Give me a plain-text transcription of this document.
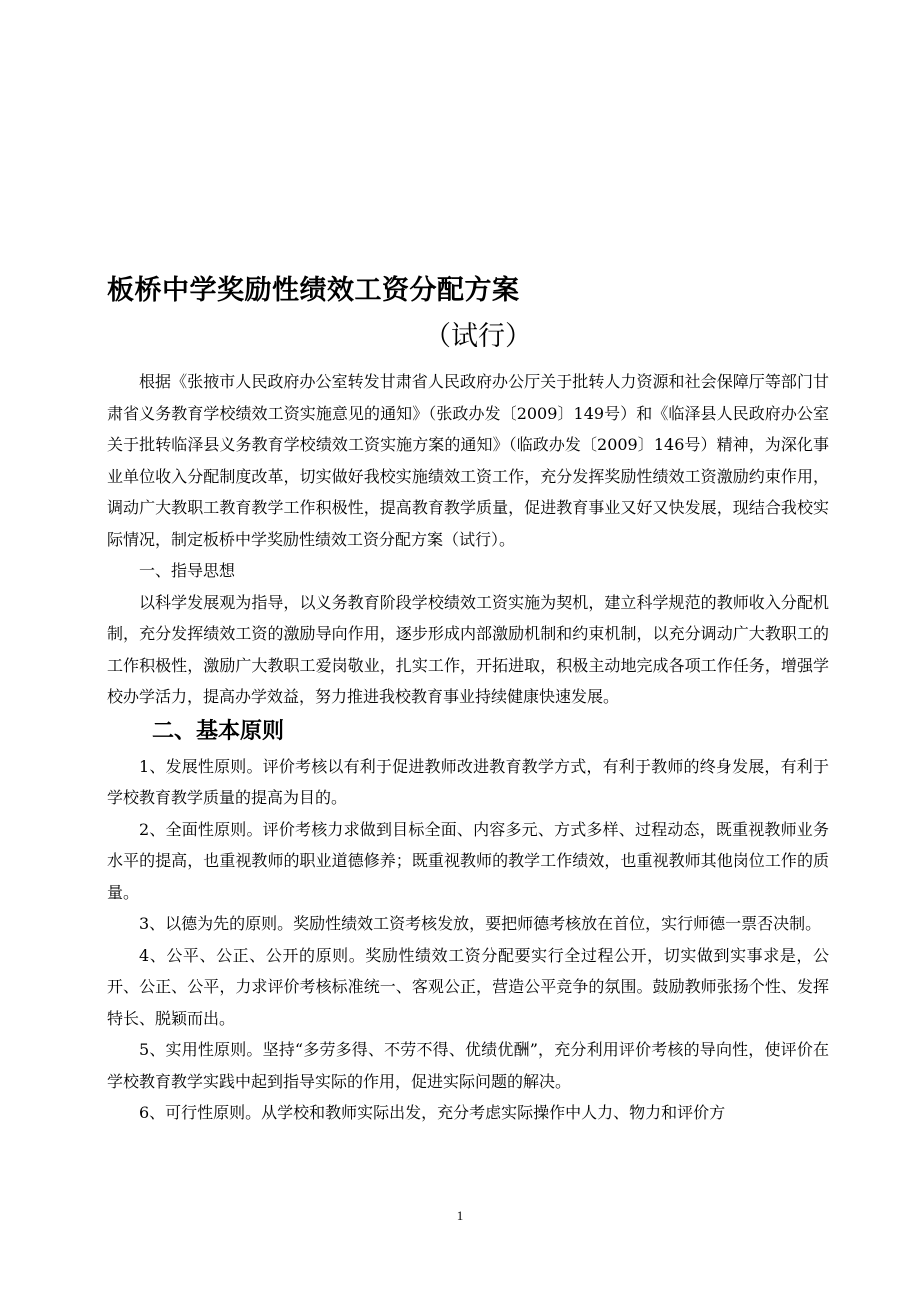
板桥中学奖励性绩效工资分配方案
（试行）

根据《张掖市人民政府办公室转发甘肃省人民政府办公厅关于批转人力资源和社会保障厅等部门甘肃省义务教育学校绩效工资实施意见的通知》（张政办发〔2009〕149号）和《临泽县人民政府办公室关于批转临泽县义务教育学校绩效工资实施方案的通知》（临政办发〔2009〕146号）精神，为深化事业单位收入分配制度改革，切实做好我校实施绩效工资工作，充分发挥奖励性绩效工资激励约束作用，调动广大教职工教育教学工作积极性，提高教育教学质量，促进教育事业又好又快发展，现结合我校实际情况，制定板桥中学奖励性绩效工资分配方案（试行）。

一、指导思想

以科学发展观为指导，以义务教育阶段学校绩效工资实施为契机，建立科学规范的教师收入分配机制，充分发挥绩效工资的激励导向作用，逐步形成内部激励机制和约束机制，以充分调动广大教职工的工作积极性，激励广大教职工爱岗敬业，扎实工作，开拓进取，积极主动地完成各项工作任务，增强学校办学活力，提高办学效益，努力推进我校教育事业持续健康快速发展。

二、基本原则

1、发展性原则。评价考核以有利于促进教师改进教育教学方式，有利于教师的终身发展，有利于学校教育教学质量的提高为目的。

2、全面性原则。评价考核力求做到目标全面、内容多元、方式多样、过程动态，既重视教师业务水平的提高，也重视教师的职业道德修养；既重视教师的教学工作绩效，也重视教师其他岗位工作的质量。

3、以德为先的原则。奖励性绩效工资考核发放，要把师德考核放在首位，实行师德一票否决制。

4、公平、公正、公开的原则。奖励性绩效工资分配要实行全过程公开，切实做到实事求是，公开、公正、公平，力求评价考核标准统一、客观公正，营造公平竞争的氛围。鼓励教师张扬个性、发挥特长、脱颖而出。

5、实用性原则。坚持“多劳多得、不劳不得、优绩优酬”，充分利用评价考核的导向性，使评价在学校教育教学实践中起到指导实际的作用，促进实际问题的解决。

6、可行性原则。从学校和教师实际出发，充分考虑实际操作中人力、物力和评价方

1
